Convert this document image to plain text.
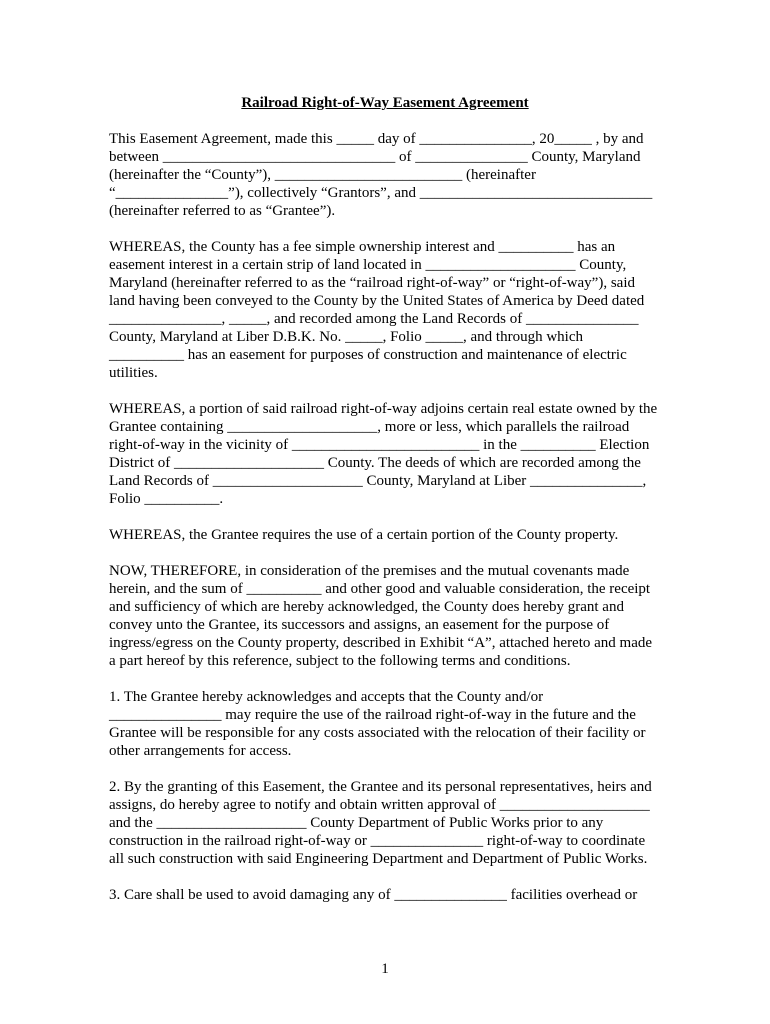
Railroad Right-of-Way Easement Agreement
This Easement Agreement, made this _____ day of _______________, 20_____ , by and
between _______________________________ of _______________ County, Maryland
(hereinafter the “County”), _________________________ (hereinafter
“_______________”), collectively “Grantors”, and _______________________________
(hereinafter referred to as “Grantee”).
WHEREAS, the County has a fee simple ownership interest and __________ has an
easement interest in a certain strip of land located in ____________________ County,
Maryland (hereinafter referred to as the “railroad right-of-way” or “right-of-way”), said
land having been conveyed to the County by the United States of America by Deed dated
_______________, _____, and recorded among the Land Records of _______________
County, Maryland at Liber D.B.K. No. _____, Folio _____, and through which
__________ has an easement for purposes of construction and maintenance of electric
utilities.
WHEREAS, a portion of said railroad right-of-way adjoins certain real estate owned by the
Grantee containing ____________________, more or less, which parallels the railroad
right-of-way in the vicinity of _________________________ in the __________ Election
District of ____________________ County. The deeds of which are recorded among the
Land Records of ____________________ County, Maryland at Liber _______________,
Folio __________.
WHEREAS, the Grantee requires the use of a certain portion of the County property.
NOW, THEREFORE, in consideration of the premises and the mutual covenants made
herein, and the sum of __________ and other good and valuable consideration, the receipt
and sufficiency of which are hereby acknowledged, the County does hereby grant and
convey unto the Grantee, its successors and assigns, an easement for the purpose of
ingress/egress on the County property, described in Exhibit “A”, attached hereto and made
a part hereof by this reference, subject to the following terms and conditions.
1. The Grantee hereby acknowledges and accepts that the County and/or
_______________ may require the use of the railroad right-of-way in the future and the
Grantee will be responsible for any costs associated with the relocation of their facility or
other arrangements for access.
2. By the granting of this Easement, the Grantee and its personal representatives, heirs and
assigns, do hereby agree to notify and obtain written approval of ____________________
and the ____________________ County Department of Public Works prior to any
construction in the railroad right-of-way or _______________ right-of-way to coordinate
all such construction with said Engineering Department and Department of Public Works.
3. Care shall be used to avoid damaging any of _______________ facilities overhead or
1
